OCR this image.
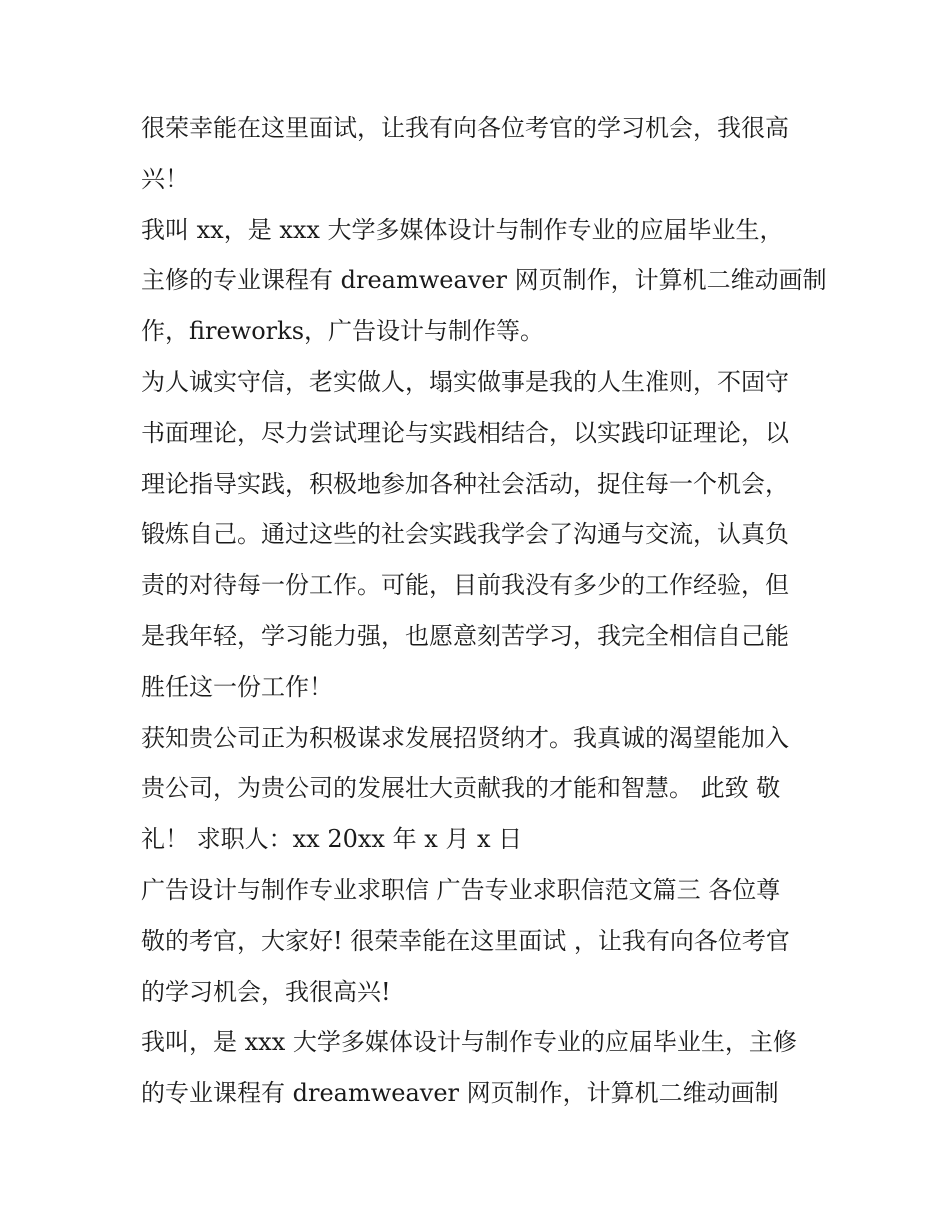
很荣幸能在这里面试，让我有向各位考官的学习机会，我很高
兴！
我叫 xx，是 xxx 大学多媒体设计与制作专业的应届毕业生，
主修的专业课程有 dreamweaver 网页制作，计算机二维动画制
作，fireworks，广告设计与制作等。
为人诚实守信，老实做人，塌实做事是我的人生准则，不固守
书面理论，尽力尝试理论与实践相结合，以实践印证理论，以
理论指导实践，积极地参加各种社会活动，捉住每一个机会，
锻炼自己。通过这些的社会实践我学会了沟通与交流，认真负
责的对待每一份工作。可能，目前我没有多少的工作经验，但
是我年轻，学习能力强，也愿意刻苦学习，我完全相信自己能
胜任这一份工作！
获知贵公司正为积极谋求发展招贤纳才。我真诚的渴望能加入
贵公司，为贵公司的发展壮大贡献我的才能和智慧。 此致 敬
礼！ 求职人：xx 20xx 年 x 月 x 日
广告设计与制作专业求职信 广告专业求职信范文篇三 各位尊
敬的考官，大家好! 很荣幸能在这里面试 ，让我有向各位考官
的学习机会，我很高兴!
我叫，是 xxx 大学多媒体设计与制作专业的应届毕业生，主修
的专业课程有 dreamweaver 网页制作，计算机二维动画制
